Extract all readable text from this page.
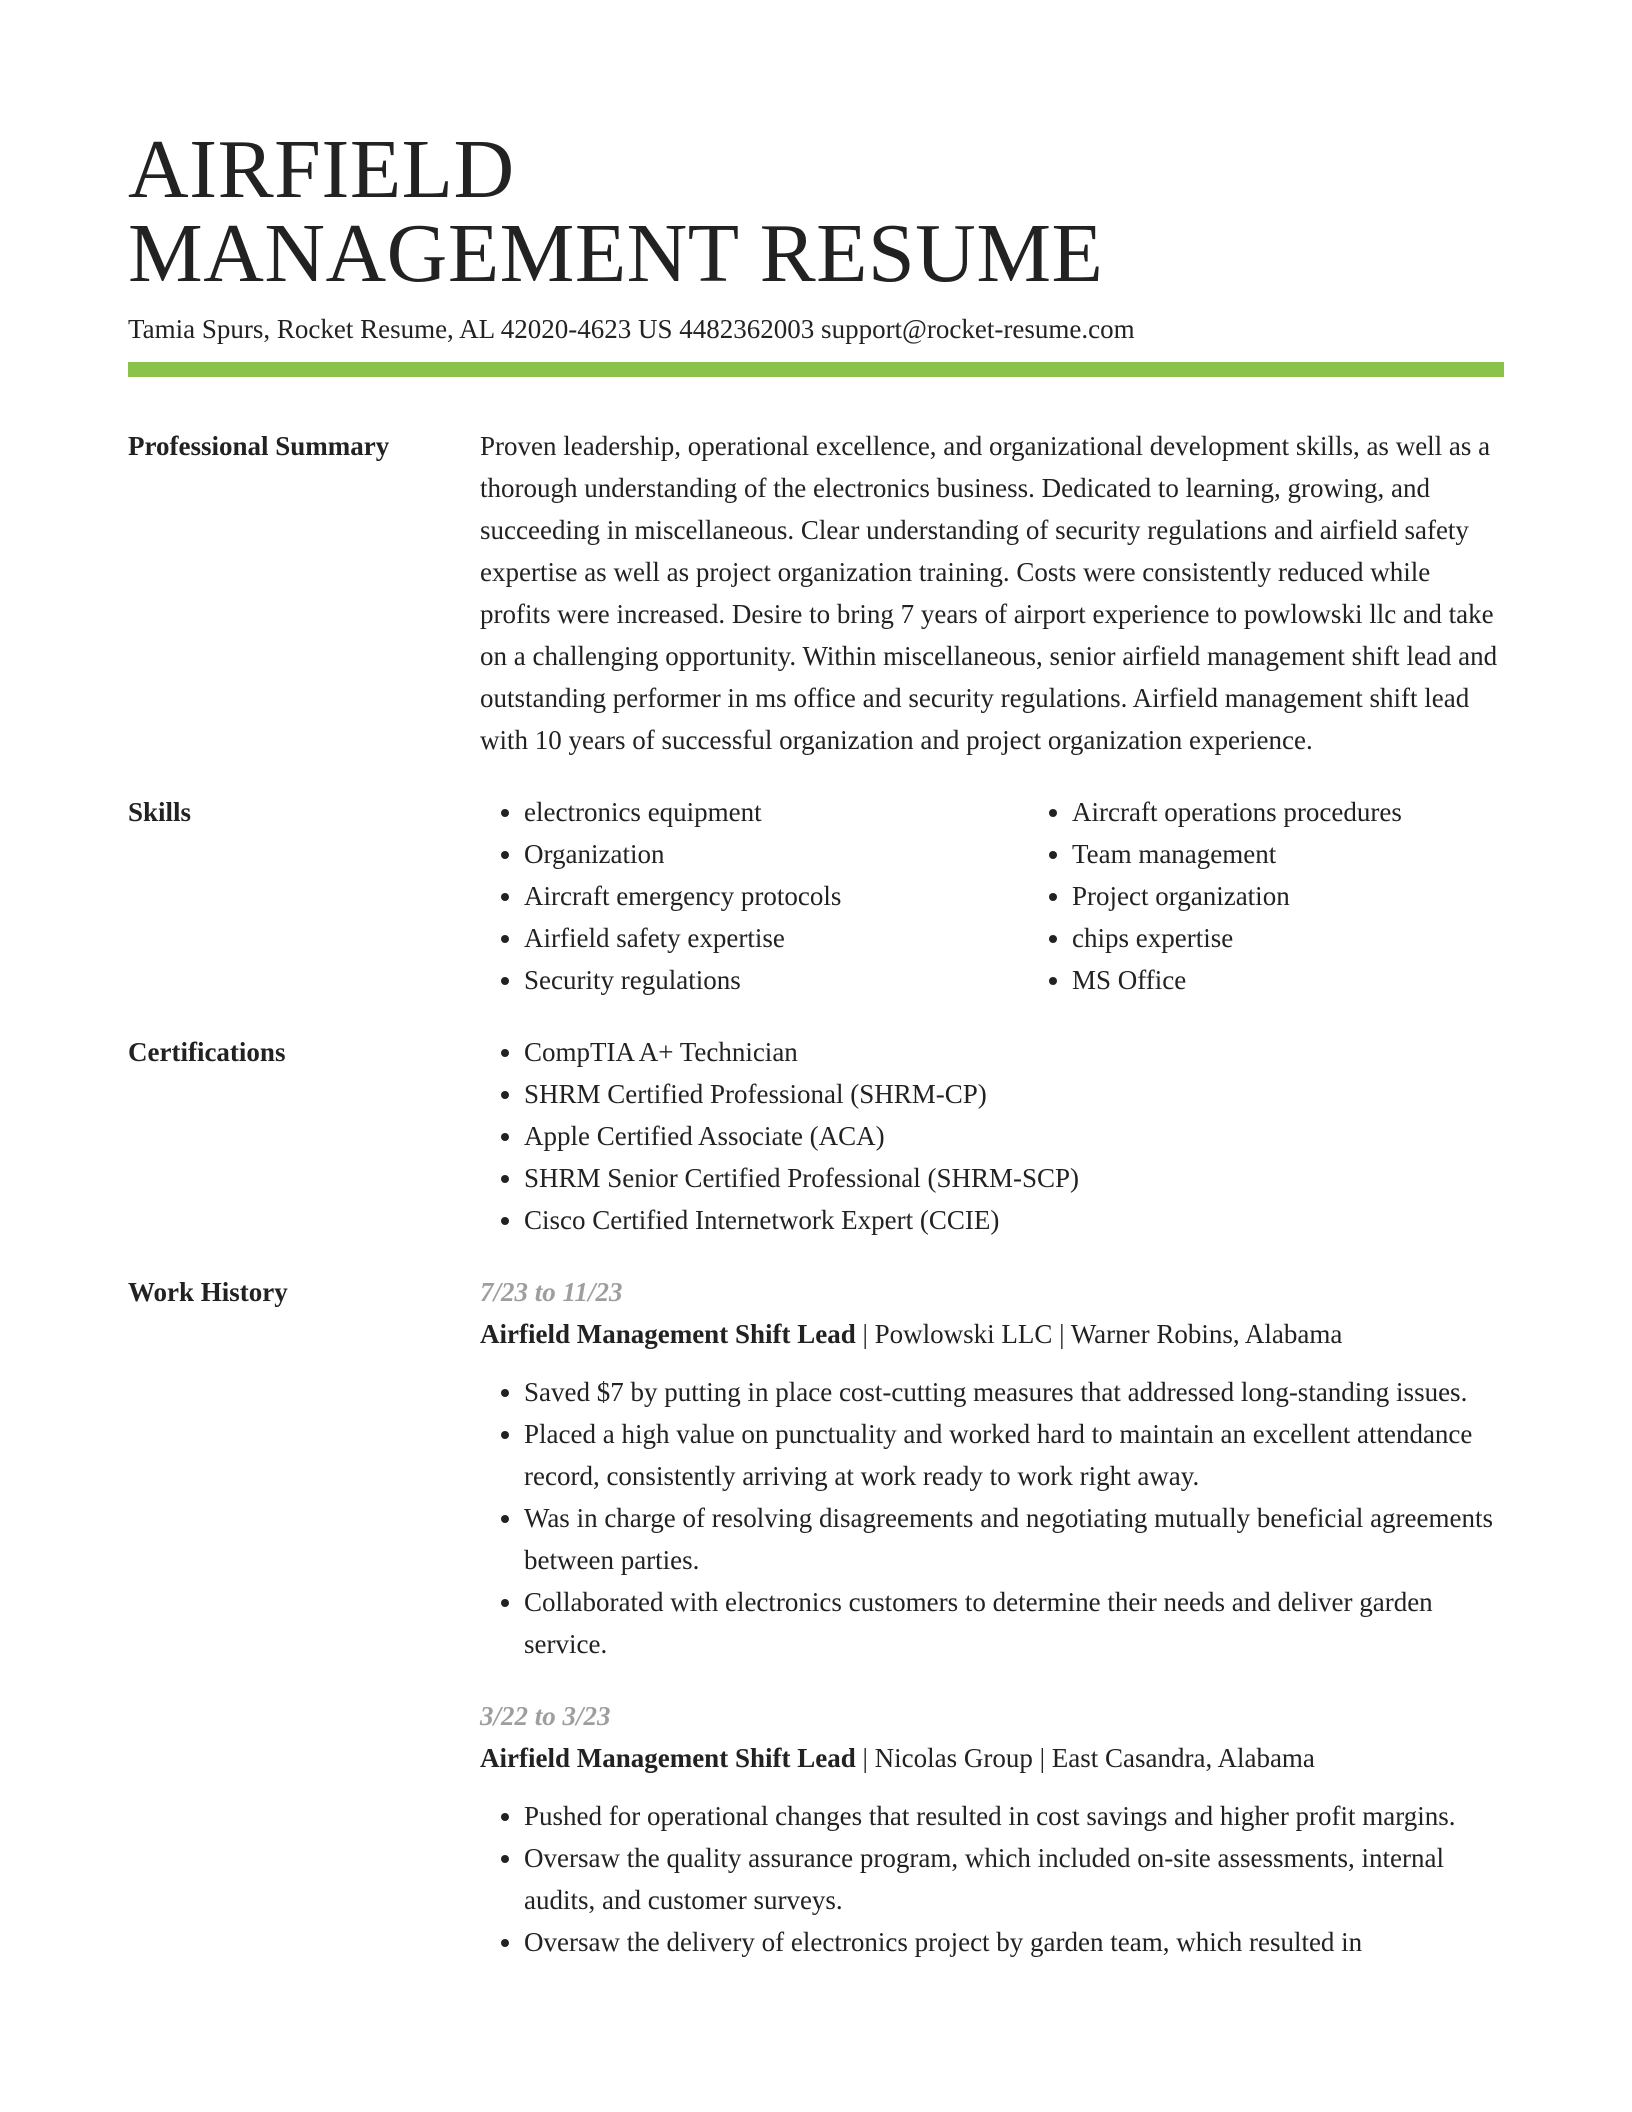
AIRFIELD
MANAGEMENT RESUME
Tamia Spurs, Rocket Resume, AL 42020-4623 US 4482362003 support@rocket-resume.com
Professional Summary	Proven leadership, operational excellence, and organizational development skills, as well as a thorough understanding of the electronics business. Dedicated to learning, growing, and succeeding in miscellaneous. Clear understanding of security regulations and airfield safety expertise as well as project organization training. Costs were consistently reduced while profits were increased. Desire to bring 7 years of airport experience to powlowski llc and take on a challenging opportunity. Within miscellaneous, senior airfield management shift lead and outstanding performer in ms office and security regulations. Airfield management shift lead with 10 years of successful organization and project organization experience.
Skills	• electronics equipment
• Organization
• Aircraft emergency protocols
• Airfield safety expertise
• Security regulations
• Aircraft operations procedures
• Team management
• Project organization
• chips expertise
• MS Office
Certifications	• CompTIA A+ Technician
• SHRM Certified Professional (SHRM-CP)
• Apple Certified Associate (ACA)
• SHRM Senior Certified Professional (SHRM-SCP)
• Cisco Certified Internetwork Expert (CCIE)
Work History	7/23 to 11/23
Airfield Management Shift Lead | Powlowski LLC | Warner Robins, Alabama
• Saved $7 by putting in place cost-cutting measures that addressed long-standing issues.
• Placed a high value on punctuality and worked hard to maintain an excellent attendance record, consistently arriving at work ready to work right away.
• Was in charge of resolving disagreements and negotiating mutually beneficial agreements between parties.
• Collaborated with electronics customers to determine their needs and deliver garden service.
3/22 to 3/23
Airfield Management Shift Lead | Nicolas Group | East Casandra, Alabama
• Pushed for operational changes that resulted in cost savings and higher profit margins.
• Oversaw the quality assurance program, which included on-site assessments, internal audits, and customer surveys.
• Oversaw the delivery of electronics project by garden team, which resulted in
